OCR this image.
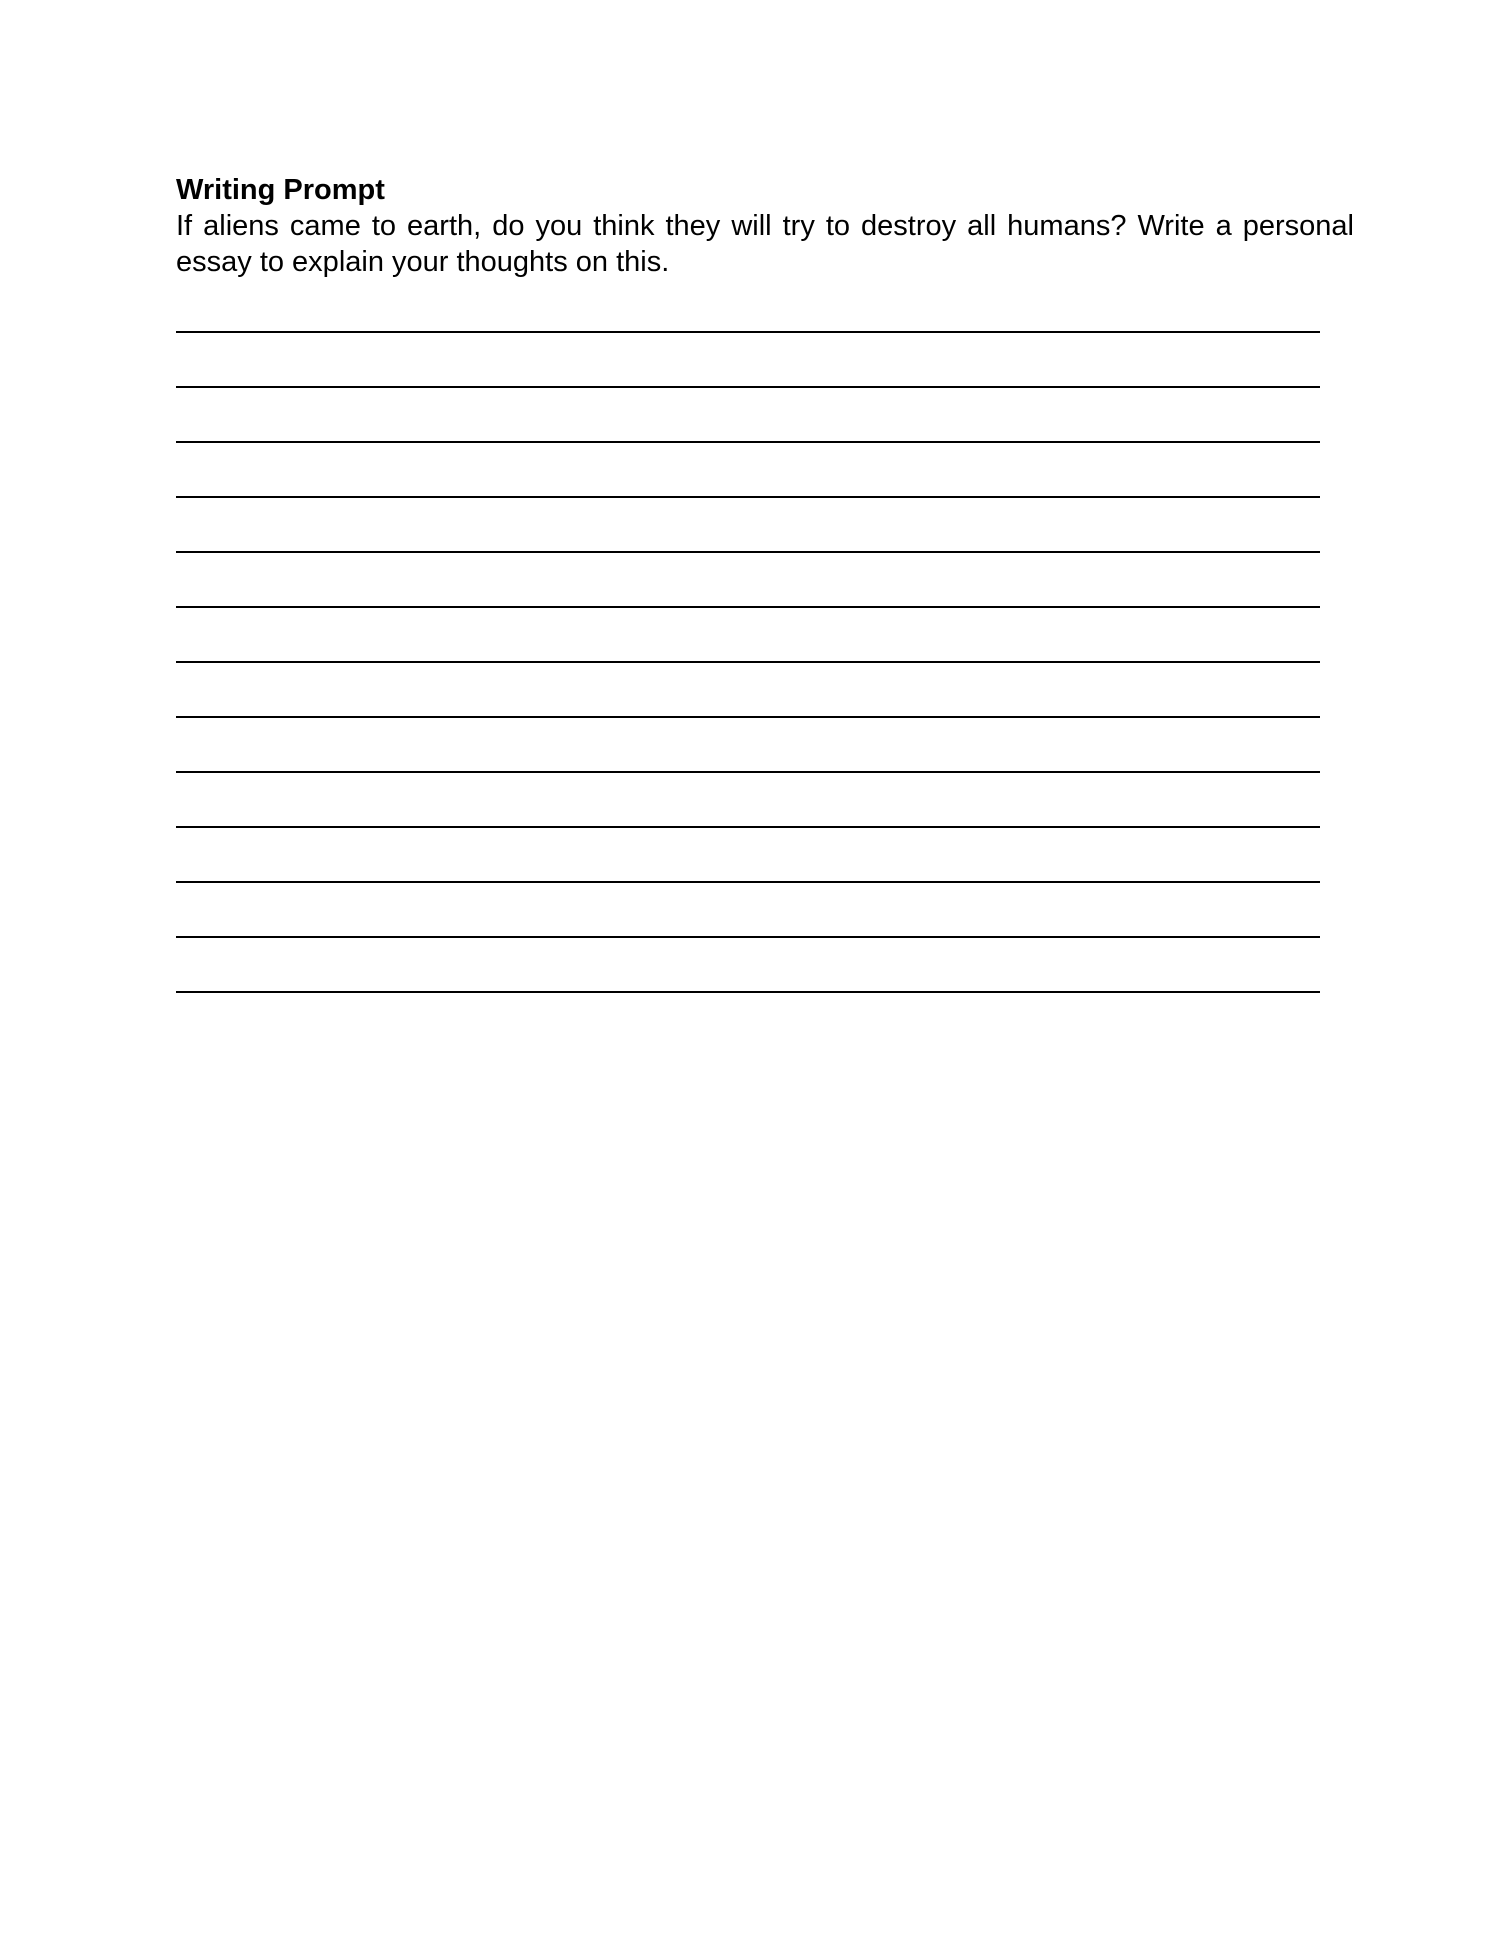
Writing Prompt

If aliens came to earth, do you think they will try to destroy all humans? Write a personal essay to explain your thoughts on this.
